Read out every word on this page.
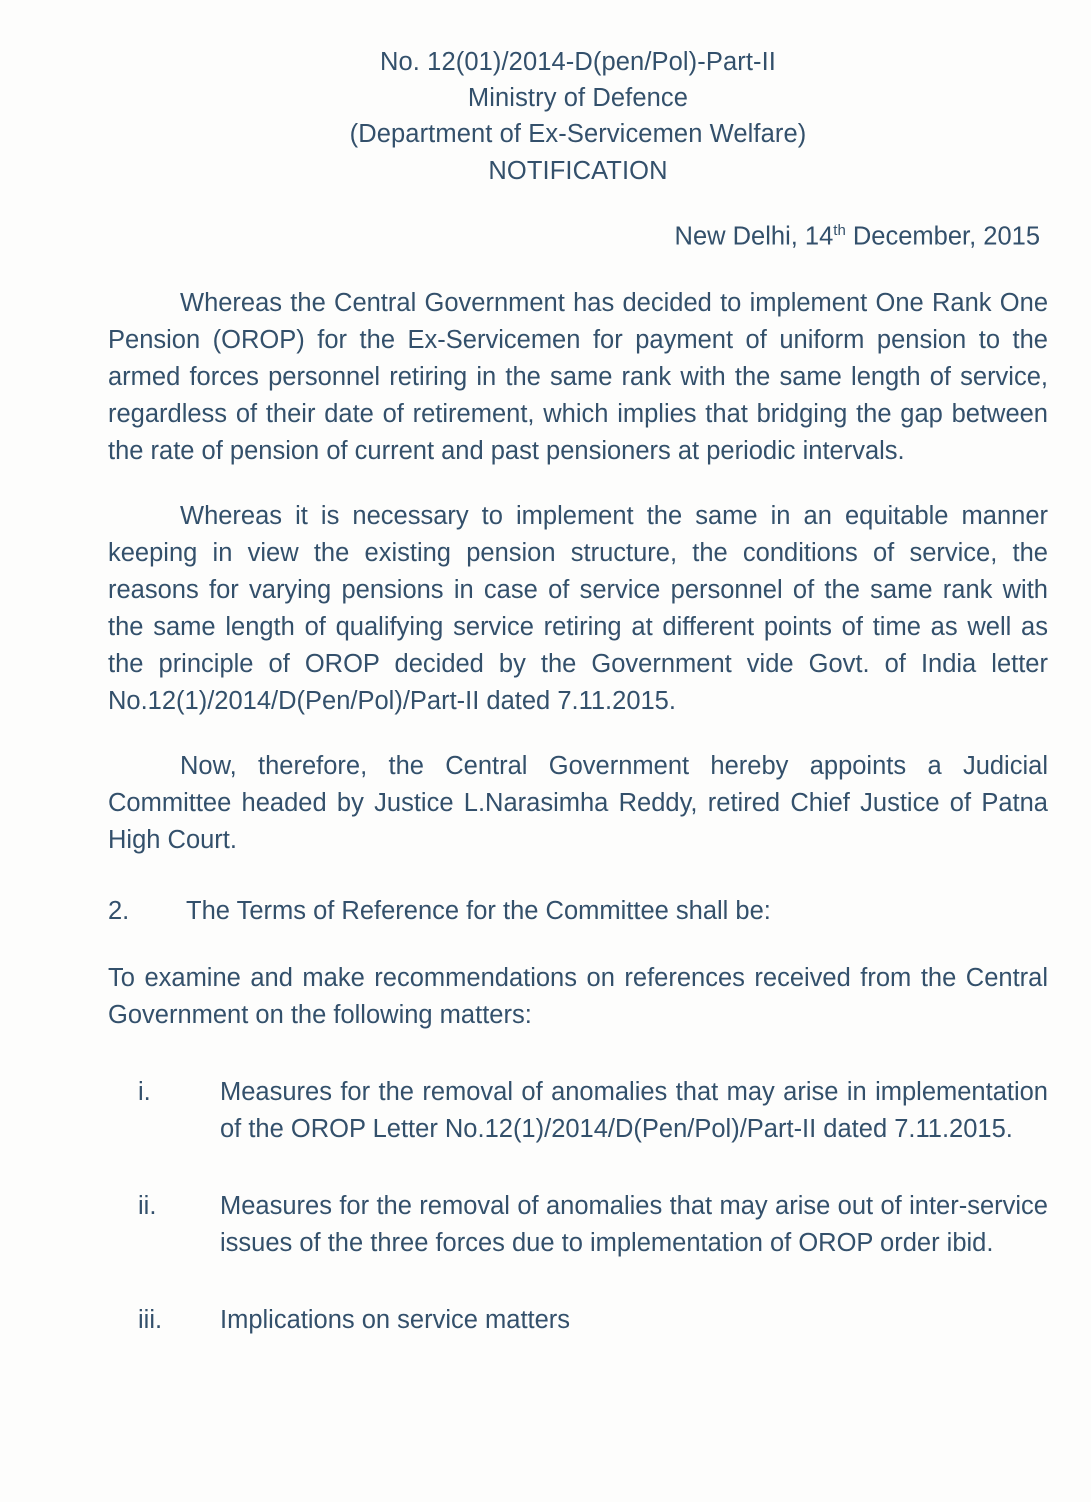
No. 12(01)/2014-D(pen/Pol)-Part-II
Ministry of Defence
(Department of Ex-Servicemen Welfare)
NOTIFICATION
New Delhi, 14th December, 2015

Whereas the Central Government has decided to implement One Rank One Pension (OROP) for the Ex-Servicemen for payment of uniform pension to the armed forces personnel retiring in the same rank with the same length of service, regardless of their date of retirement, which implies that bridging the gap between the rate of pension of current and past pensioners at periodic intervals.

Whereas it is necessary to implement the same in an equitable manner keeping in view the existing pension structure, the conditions of service, the reasons for varying pensions in case of service personnel of the same rank with the same length of qualifying service retiring at different points of time as well as the principle of OROP decided by the Government vide Govt. of India letter No.12(1)/2014/D(Pen/Pol)/Part-II dated 7.11.2015.

Now, therefore, the Central Government hereby appoints a Judicial Committee headed by Justice L.Narasimha Reddy, retired Chief Justice of Patna High Court.

2.	The Terms of Reference for the Committee shall be:
To examine and make recommendations on references received from the Central Government on the following matters:
i.	Measures for the removal of anomalies that may arise in implementation of the OROP Letter No.12(1)/2014/D(Pen/Pol)/Part-II dated 7.11.2015.
ii.	Measures for the removal of anomalies that may arise out of inter-service issues of the three forces due to implementation of OROP order ibid.
iii.	Implications on service matters
